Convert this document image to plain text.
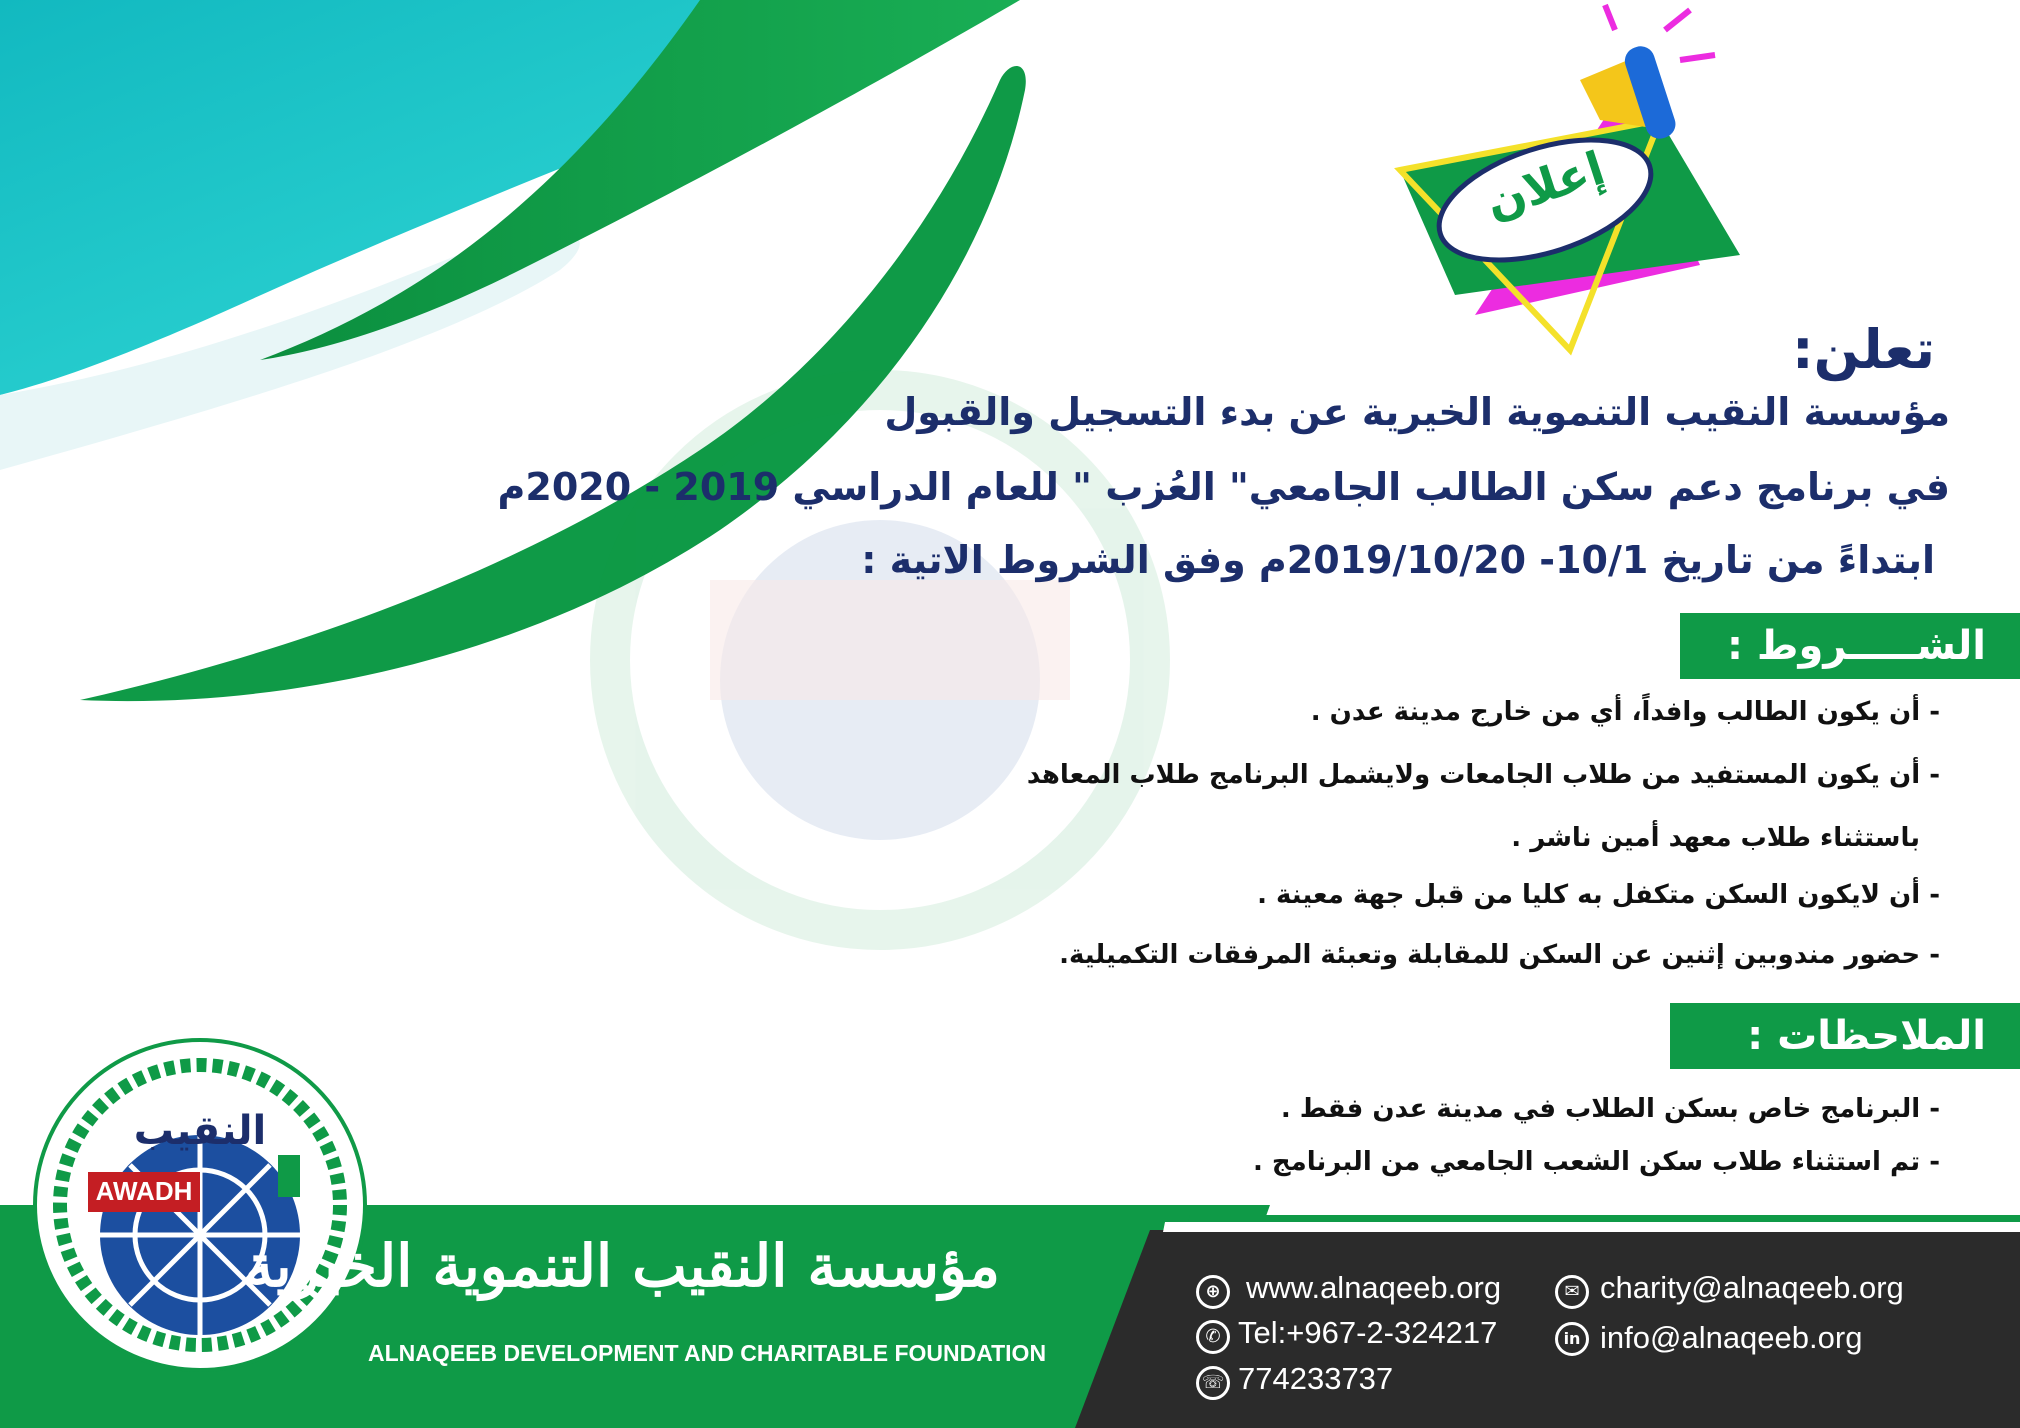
إعلان
تعلن:
مؤسسة النقيب التنموية الخيرية عن بدء التسجيل والقبول
في برنامج دعم سكن الطالب الجامعي" العُزب " للعام الدراسي 2019 - 2020م
ابتداءً من تاريخ 10/1- 2019/10/20م وفق الشروط الاتية :
الشـــــروط :
- أن يكون الطالب وافداً، أي من خارج مدينة عدن .
- أن يكون المستفيد من طلاب الجامعات ولايشمل البرنامج طلاب المعاهد
باستثناء طلاب معهد أمين ناشر .
- أن لايكون السكن متكفل به كليا من قبل جهة معينة .
- حضور مندوبين إثنين عن السكن للمقابلة وتعبئة المرفقات التكميلية.
الملاحظات :
- البرنامج خاص بسكن الطلاب في مدينة عدن فقط .
- تم استثناء طلاب سكن الشعب الجامعي من البرنامج .
النقيب
AWADH
مؤسسة النقيب التنموية الخيرية
ALNAQEEB DEVELOPMENT AND CHARITABLE FOUNDATION
⊕ www.alnaqeeb.org
✆ Tel:+967-2-324217
☏ 774233737
✉ charity@alnaqeeb.org
in info@alnaqeeb.org
